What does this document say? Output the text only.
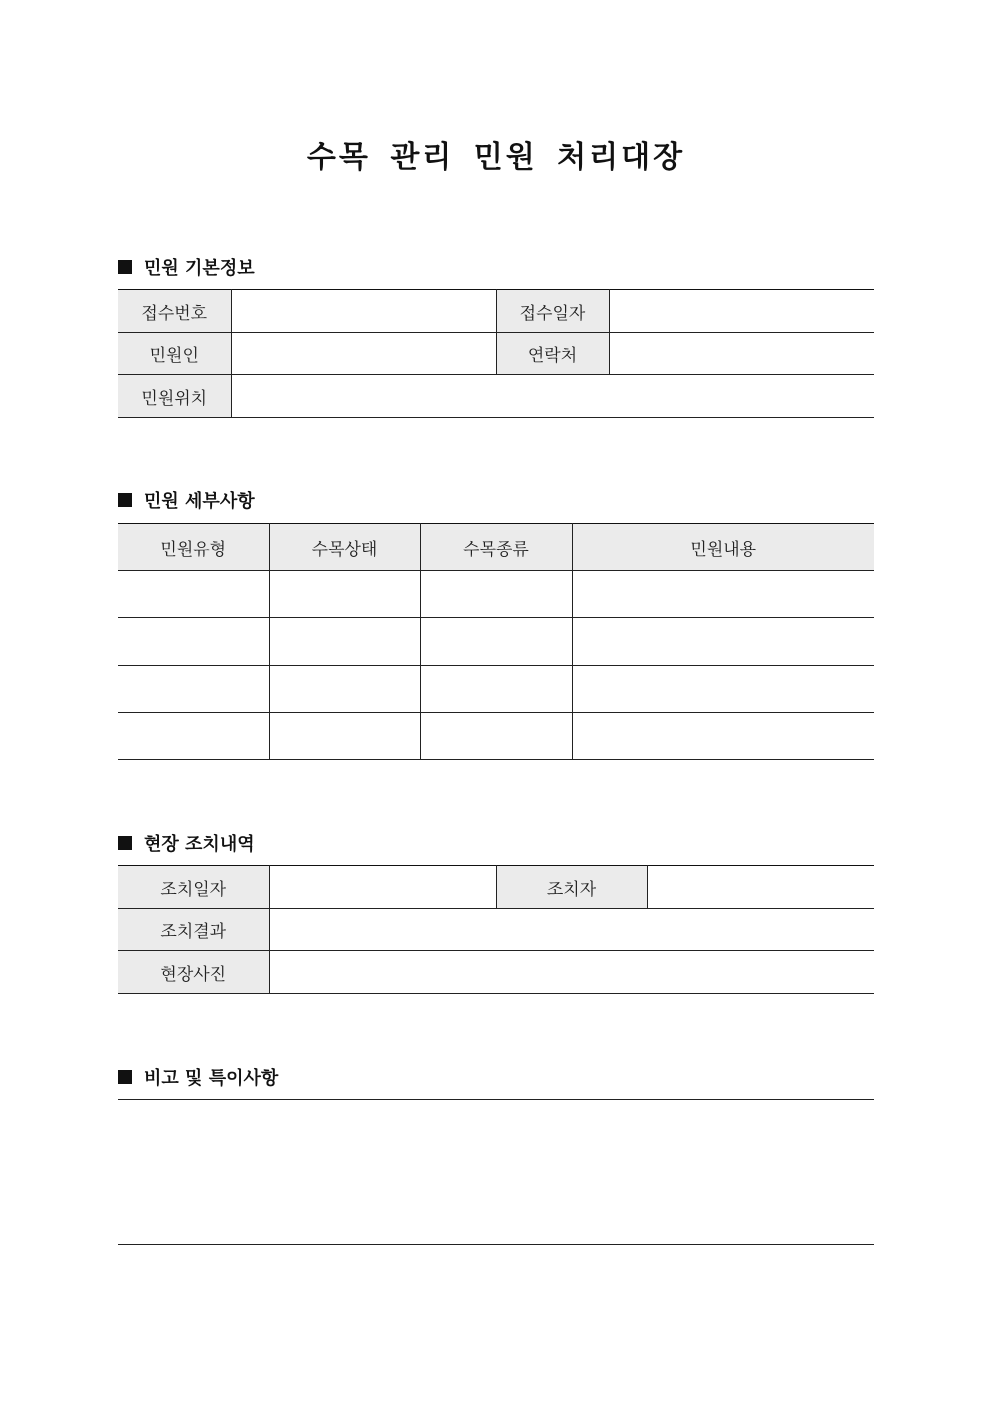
수목 관리 민원 처리대장
민원 기본정보
접수번호		접수일자	
민원인		연락처	
민원위치			
민원 세부사항
민원유형	수목상태	수목종류	민원내용

현장 조치내역
조치일자		조치자	
조치결과			
현장사진			
비고 및 특이사항
